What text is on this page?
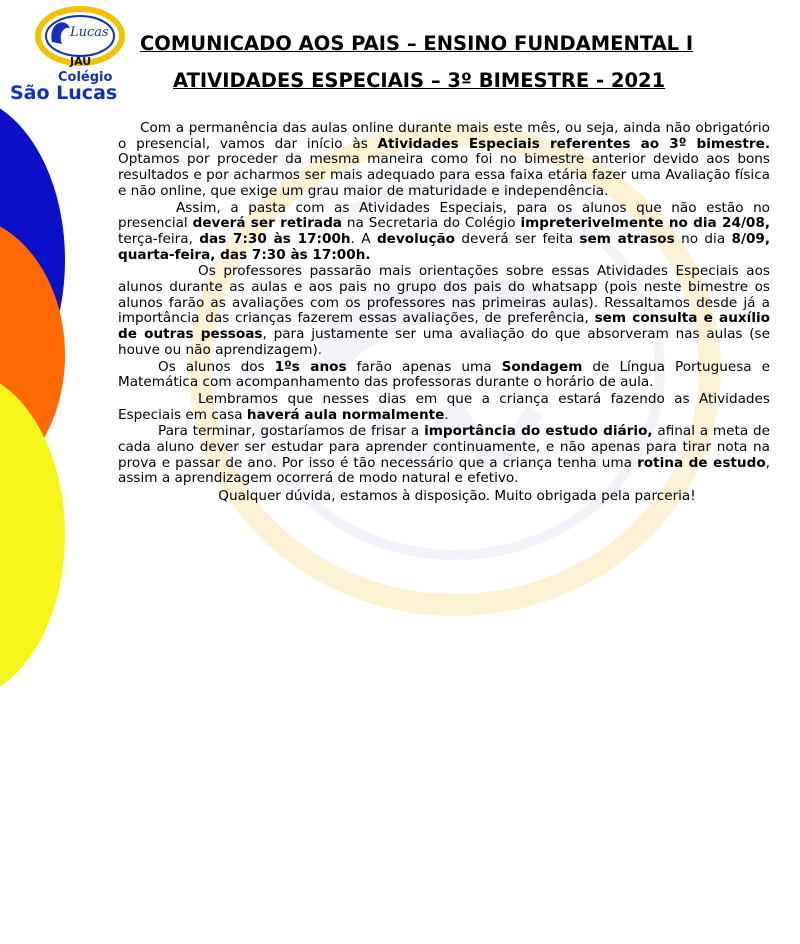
Lucas
JAÚ
Colégio
São Lucas
COMUNICADO AOS PAIS – ENSINO FUNDAMENTAL I
ATIVIDADES ESPECIAIS – 3º BIMESTRE - 2021

Com a permanência das aulas online durante mais este mês, ou seja, ainda não obrigatório o presencial, vamos dar início às Atividades Especiais referentes ao 3º bimestre. Optamos por proceder da mesma maneira como foi no bimestre anterior devido aos bons resultados e por acharmos ser mais adequado para essa faixa etária fazer uma Avaliação física e não online, que exige um grau maior de maturidade e independência.

Assim, a pasta com as Atividades Especiais, para os alunos que não estão no presencial deverá ser retirada na Secretaria do Colégio impreterivelmente no dia 24/08, terça-feira, das 7:30 às 17:00h. A devolução deverá ser feita sem atrasos no dia 8/09, quarta-feira, das 7:30 às 17:00h.

Os professores passarão mais orientações sobre essas Atividades Especiais aos alunos durante as aulas e aos pais no grupo dos pais do whatsapp (pois neste bimestre os alunos farão as avaliações com os professores nas primeiras aulas). Ressaltamos desde já a importância das crianças fazerem essas avaliações, de preferência, sem consulta e auxílio de outras pessoas, para justamente ser uma avaliação do que absorveram nas aulas (se houve ou não aprendizagem).

Os alunos dos 1ºs anos farão apenas uma Sondagem de Língua Portuguesa e Matemática com acompanhamento das professoras durante o horário de aula.

Lembramos que nesses dias em que a criança estará fazendo as Atividades Especiais em casa haverá aula normalmente.

Para terminar, gostaríamos de frisar a importância do estudo diário, afinal a meta de cada aluno dever ser estudar para aprender continuamente, e não apenas para tirar nota na prova e passar de ano. Por isso é tão necessário que a criança tenha uma rotina de estudo, assim a aprendizagem ocorrerá de modo natural e efetivo.

Qualquer dúvida, estamos à disposição. Muito obrigada pela parceria!
